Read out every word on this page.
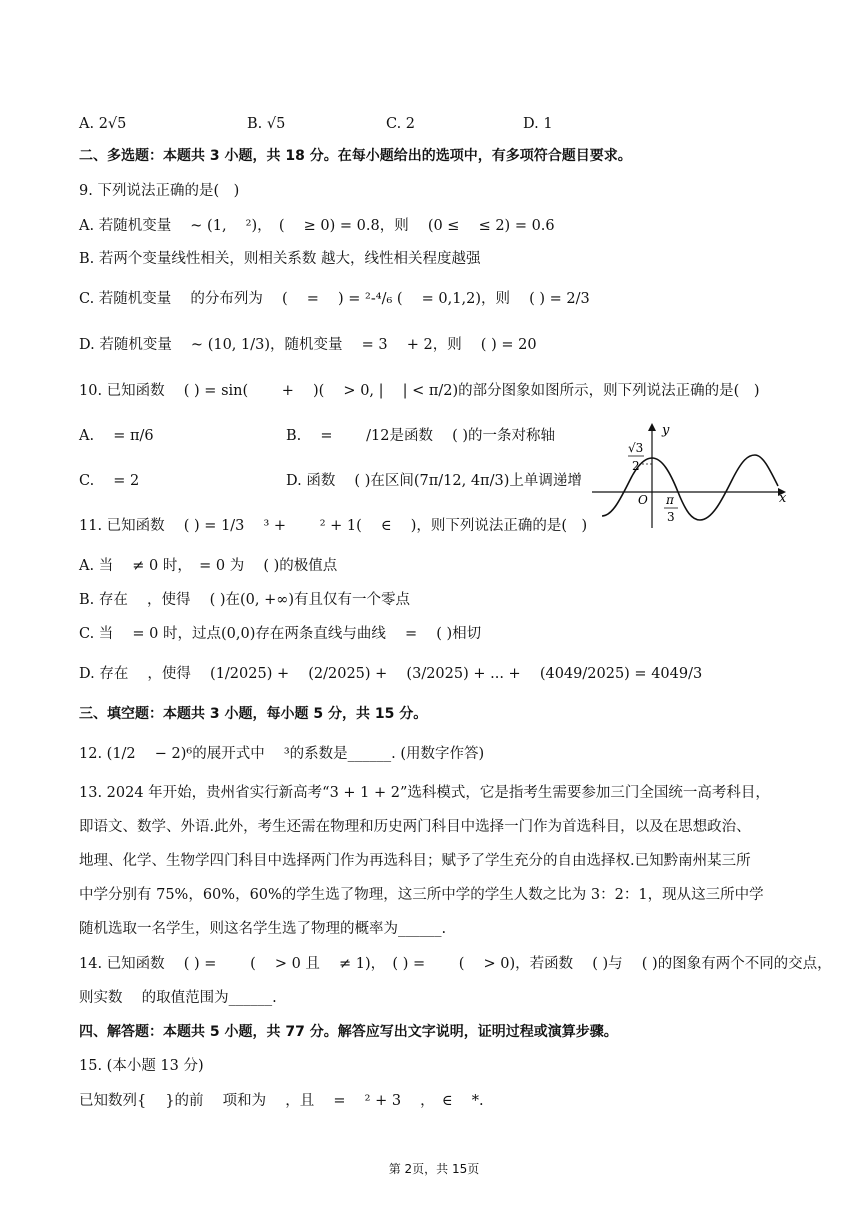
A. 2√5	B. √5	C. 2	D. 1
二、多选题：本题共 3 小题，共 18 分。在每小题给出的选项中，有多项符合题目要求。
9. 下列说法正确的是(　)
A. 若随机变量 　~ (1, 　²)，　( 　≥ 0) = 0.8，则 　(0 ≤ 　≤ 2) = 0.6
B. 若两个变量线性相关，则相关系数 越大，线性相关程度越强
C. 若随机变量 　的分布列为 　( 　= 　) = ²-⁴/₆ ( 　= 0,1,2)，则 　( ) = 2/3
D. 若随机变量 　~ (10, 1/3)，随机变量 　= 3 　+ 2，则 　( ) = 20
10. 已知函数 　( ) = sin( 　　+ 　)( 　> 0, | 　| < π/2)的部分图象如图所示，则下列说法正确的是(　)
A. 　= π/6	B. 　= 　　/12是函数 　( )的一条对称轴
C. 　= 2	D. 函数 　( )在区间(7π/12, 4π/3)上单调递增
y
√3
2
O π
3
x
11. 已知函数 　( ) = 1/3 　³ + 　　² + 1( 　∈ 　)，则下列说法正确的是(　)
A. 当 　≠ 0 时，　= 0 为 　( )的极值点
B. 存在 　，使得 　( )在(0, +∞)有且仅有一个零点
C. 当 　= 0 时，过点(0,0)存在两条直线与曲线 　= 　( )相切
D. 存在 　，使得 　(1/2025) + 　(2/2025) + 　(3/2025) + ... + 　(4049/2025) = 4049/3
三、填空题：本题共 3 小题，每小题 5 分，共 15 分。
12. (1/2 　− 2)⁶的展开式中 　³的系数是______. (用数字作答)
13. 2024 年开始，贵州省实行新高考“3 + 1 + 2”选科模式，它是指考生需要参加三门全国统一高考科目，
即语文、数学、外语.此外，考生还需在物理和历史两门科目中选择一门作为首选科目，以及在思想政治、
地理、化学、生物学四门科目中选择两门作为再选科目；赋予了学生充分的自由选择权.已知黔南州某三所
中学分别有 75%，60%，60%的学生选了物理，这三所中学的学生人数之比为 3：2：1，现从这三所中学
随机选取一名学生，则这名学生选了物理的概率为______.
14. 已知函数 　( ) = 　　( 　> 0 且 　≠ 1)，　( ) = 　　( 　> 0)，若函数 　( )与 　( )的图象有两个不同的交点，
则实数 　的取值范围为______.
四、解答题：本题共 5 小题，共 77 分。解答应写出文字说明，证明过程或演算步骤。
15. (本小题 13 分)
已知数列{ 　}的前 　项和为 　，且 　= 　² + 3 　，　∈ 　*.
第 2页，共 15页
